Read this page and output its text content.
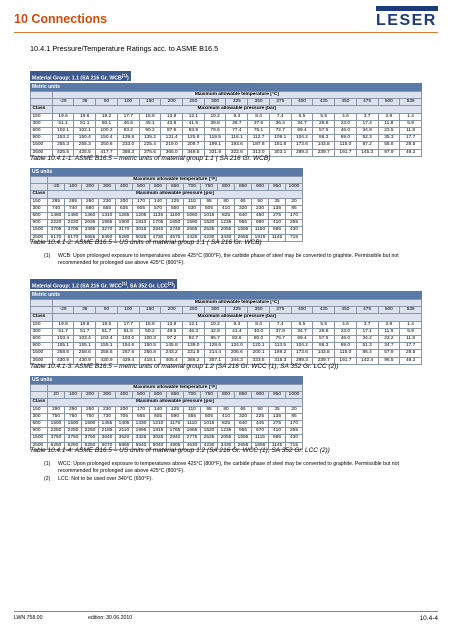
10 Connections	LESER
10.4.1 Pressure/Temperature Ratings acc. to ASME B16.5
Material Group: 1.1 (SA 216 Gr. WCB$^{(1)}$)
Metric units
	Maximum allowable temperature [°C]																
	-29	38	50	100	150	200	250	300	325	350	375	400	425	450	475	500	538
Class	Maximum allowable pressure [bar]																
150	19.6	19.6	19.2	17.7	15.8	13.8	12.1	10.2	9.3	8.4	7.4	6.5	5.5	4.6	3.7	2.8	1.4
300	51.1	51.1	50.1	46.6	45.1	43.8	41.9	39.8	38.7	37.6	36.4	34.7	28.8	23.0	17.4	11.8	5.9
600	102.1	102.1	100.2	93.2	90.2	87.6	83.9	79.6	77.4	75.1	72.7	69.4	57.5	46.0	34.9	23.5	11.8
900	153.2	150.4	150.4	139.8	135.2	131.4	125.8	119.5	116.1	112.7	109.1	104.2	86.3	69.0	52.3	35.3	17.7
1500	255.3	255.3	250.6	233.0	225.4	219.0	209.7	199.1	193.6	187.8	181.8	173.6	143.8	115.0	87.2	58.8	29.5
2500	425.5	425.5	417.7	388.3	375.6	365.0	349.5	331.8	322.6	313.0	303.1	289.3	239.7	191.7	145.3	97.9	49.2
Table 10.4.1-1: ASME B16.5 – metric units of material group 1.1 ( SA 216 Gr. WCB)
US units
	Maximum allowable temperature [°F]														
	-20	100	200	300	400	500	600	650	700	750	800	850	900	950	1000
Class	Maximum allowable pressure [psi]														
150	285	285	260	230	200	170	140	125	110	95	80	65	50	35	20
300	740	740	680	655	635	605	570	550	530	505	410	320	230	135	85
600	1480	1480	1360	1310	1265	1205	1135	1100	1060	1015	825	640	460	275	170
900	2220	2220	2035	1965	1900	1810	1705	1650	1590	1520	1235	955	690	410	255
1500	3705	3705	3395	3270	3170	3015	2840	2745	2655	2535	2055	1595	1150	685	430
2500	6170	6170	5655	5450	5280	5025	4730	4575	4425	4230	3430	2655	1915	1145	715
Table 10.4.1-2: ASME B16.5 – US units of material group 1.1 ( SA 216 Gr. WCB)
(1) WCB: Upon prolonged exposure to temperatures above 425°C (800°F), the carbide phase of steel may be converted to graphite. Permissible but not recommended for prolonged use above 425°C (800°F).
Material Group: 1.2 (SA 216 Gr. WCC$^{(1)}$, SA 352 Gr. LCC$^{(2)}$)
Metric units
	Maximum allowable temperature [°C]																
	-29	38	50	100	150	200	250	300	325	350	375	400	425	450	475	500	538
Class	Maximum allowable pressure [bar]																
150	19.8	19.8	19.5	17.7	15.8	13.8	12.1	10.2	9.3	8.4	7.4	6.5	5.5	4.6	3.7	2.8	1.4
300	51.7	51.7	51.7	51.5	50.2	48.6	46.3	42.9	41.4	40.0	37.8	34.7	28.8	23.0	17.1	11.6	5.9
600	103.4	103.4	103.4	103.0	100.3	97.2	92.7	85.7	82.6	80.0	75.7	69.4	57.5	46.0	34.2	23.2	11.8
900	155.1	155.1	155.1	154.6	150.5	145.8	139.0	128.6	124.0	120.1	113.5	104.2	86.3	69.0	51.3	34.7	17.7
1500	258.6	258.6	258.6	257.6	250.8	243.2	231.8	214.4	206.6	200.1	189.2	173.6	143.8	115.0	85.4	57.9	29.5
2500	430.9	430.9	430.9	429.4	418.1	405.4	386.2	357.1	344.3	333.5	315.3	289.3	239.7	191.7	142.4	96.5	49.2
Table 10.4.1-3: ASME B16.5 – metric units of material group 1.2 (SA 216 Gr. WCC (1), SA 352 Gr. LCC (2))
US units
	Maximum allowable temperature [°F]														
	20	100	200	300	400	500	600	650	700	750	800	850	900	950	1000
Class	Maximum allowable pressure [psi]														
150	290	290	260	230	200	170	140	125	110	95	80	65	50	35	20
300	750	750	750	730	705	665	605	590	555	505	410	320	225	135	85
600	1500	1500	1500	1455	1405	1330	1210	1175	1110	1015	825	640	445	275	170
900	2250	2250	2250	2185	2110	1995	1815	1765	1665	1520	1235	955	670	410	255
1500	3750	3750	3750	3640	3520	3325	3025	2940	2775	2535	2055	1595	1115	685	430
2500	6250	6250	6250	6070	5865	5540	5040	4905	4630	4230	3430	2655	1855	1145	715
Table 10.4.1-4: ASME B16.5 – US units of material group 1.2 (SA 216 Gr. WCC (1), SA 352 Gr. LCC (2))
(1) WCC: Upon prolonged exposure to temperatures above 425°C (800°F), the carbide phase of steel may be converted to graphite. Permissible but not recommended for prolonged use above 425°C (800°F).
(2) LCC: Not to be used over 340°C (650°F).
LWN 758.00	edition: 30.06.2010	10.4-4
